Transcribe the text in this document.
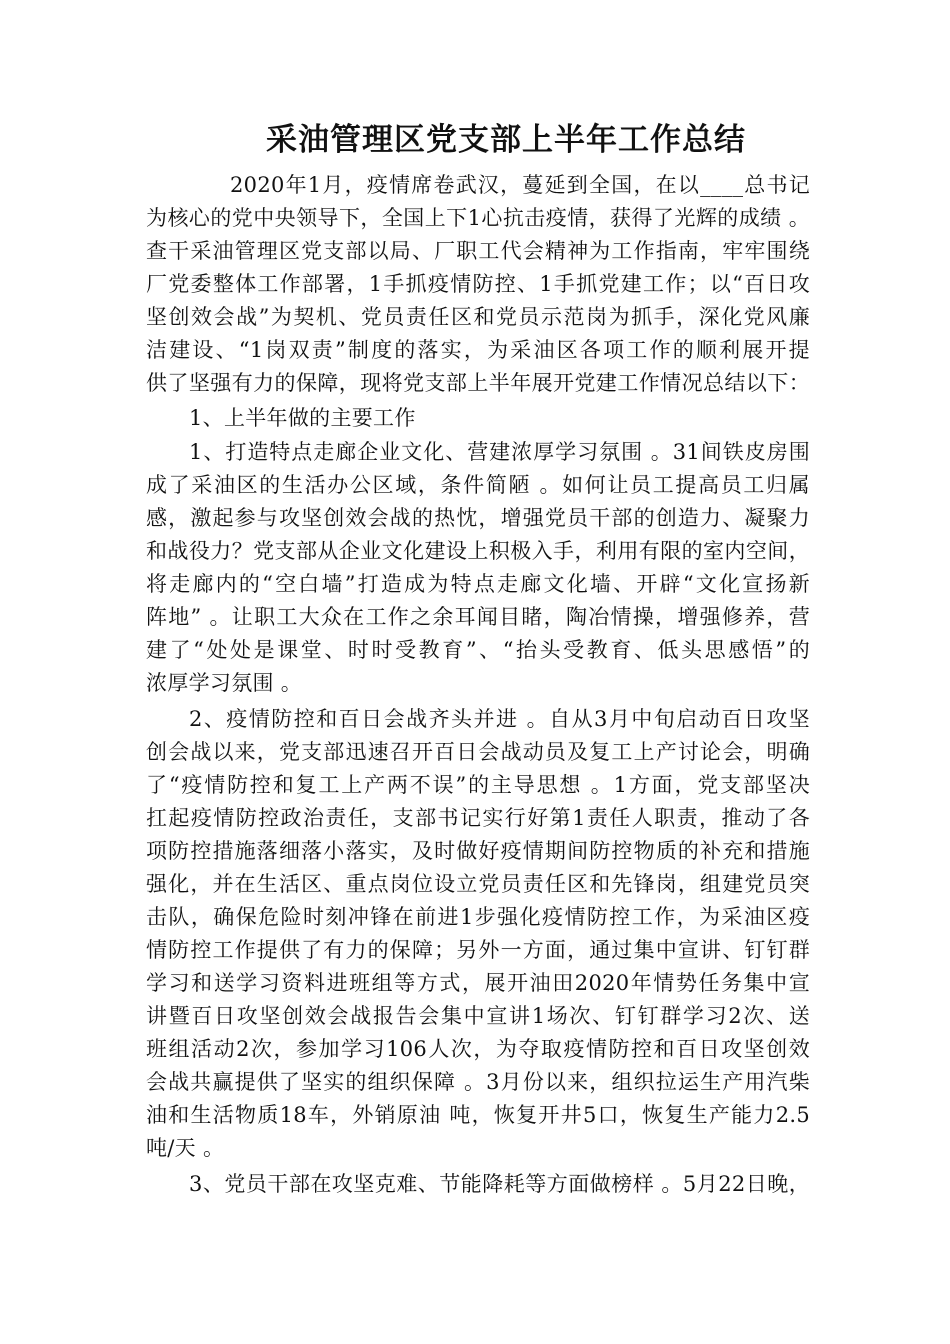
采油管理区党支部上半年工作总结
2020年1月，疫情席卷武汉，蔓延到全国，在以____总书记
为核心的党中央领导下，全国上下1心抗击疫情，获得了光辉的成绩 。
查干采油管理区党支部以局、厂职工代会精神为工作指南，牢牢围绕
厂党委整体工作部署，1手抓疫情防控、1手抓党建工作；以“百日攻
坚创效会战”为契机、党员责任区和党员示范岗为抓手，深化党风廉
洁建设、“1岗双责”制度的落实，为采油区各项工作的顺利展开提
供了坚强有力的保障，现将党支部上半年展开党建工作情况总结以下：
1、上半年做的主要工作
1、打造特点走廊企业文化、营建浓厚学习氛围 。31间铁皮房围
成了采油区的生活办公区域，条件简陋 。如何让员工提高员工归属
感，激起参与攻坚创效会战的热忱，增强党员干部的创造力、凝聚力
和战役力？党支部从企业文化建设上积极入手，利用有限的室内空间，
将走廊内的“空白墙”打造成为特点走廊文化墙、开辟“文化宣扬新
阵地” 。让职工大众在工作之余耳闻目睹，陶冶情操，增强修养，营
建了“处处是课堂、时时受教育”、“抬头受教育、低头思感悟”的
浓厚学习氛围 。
2、疫情防控和百日会战齐头并进 。自从3月中旬启动百日攻坚
创会战以来，党支部迅速召开百日会战动员及复工上产讨论会，明确
了“疫情防控和复工上产两不误”的主导思想 。1方面，党支部坚决
扛起疫情防控政治责任，支部书记实行好第1责任人职责，推动了各
项防控措施落细落小落实，及时做好疫情期间防控物质的补充和措施
强化，并在生活区、重点岗位设立党员责任区和先锋岗，组建党员突
击队，确保危险时刻冲锋在前进1步强化疫情防控工作，为采油区疫
情防控工作提供了有力的保障；另外一方面，通过集中宣讲、钉钉群
学习和送学习资料进班组等方式，展开油田2020年情势任务集中宣
讲暨百日攻坚创效会战报告会集中宣讲1场次、钉钉群学习2次、送
班组活动2次，参加学习106人次，为夺取疫情防控和百日攻坚创效
会战共赢提供了坚实的组织保障 。3月份以来，组织拉运生产用汽柴
油和生活物质18车，外销原油 吨，恢复开井5口，恢复生产能力2.5
吨/天 。
3、党员干部在攻坚克难、节能降耗等方面做榜样 。5月22日晚，
